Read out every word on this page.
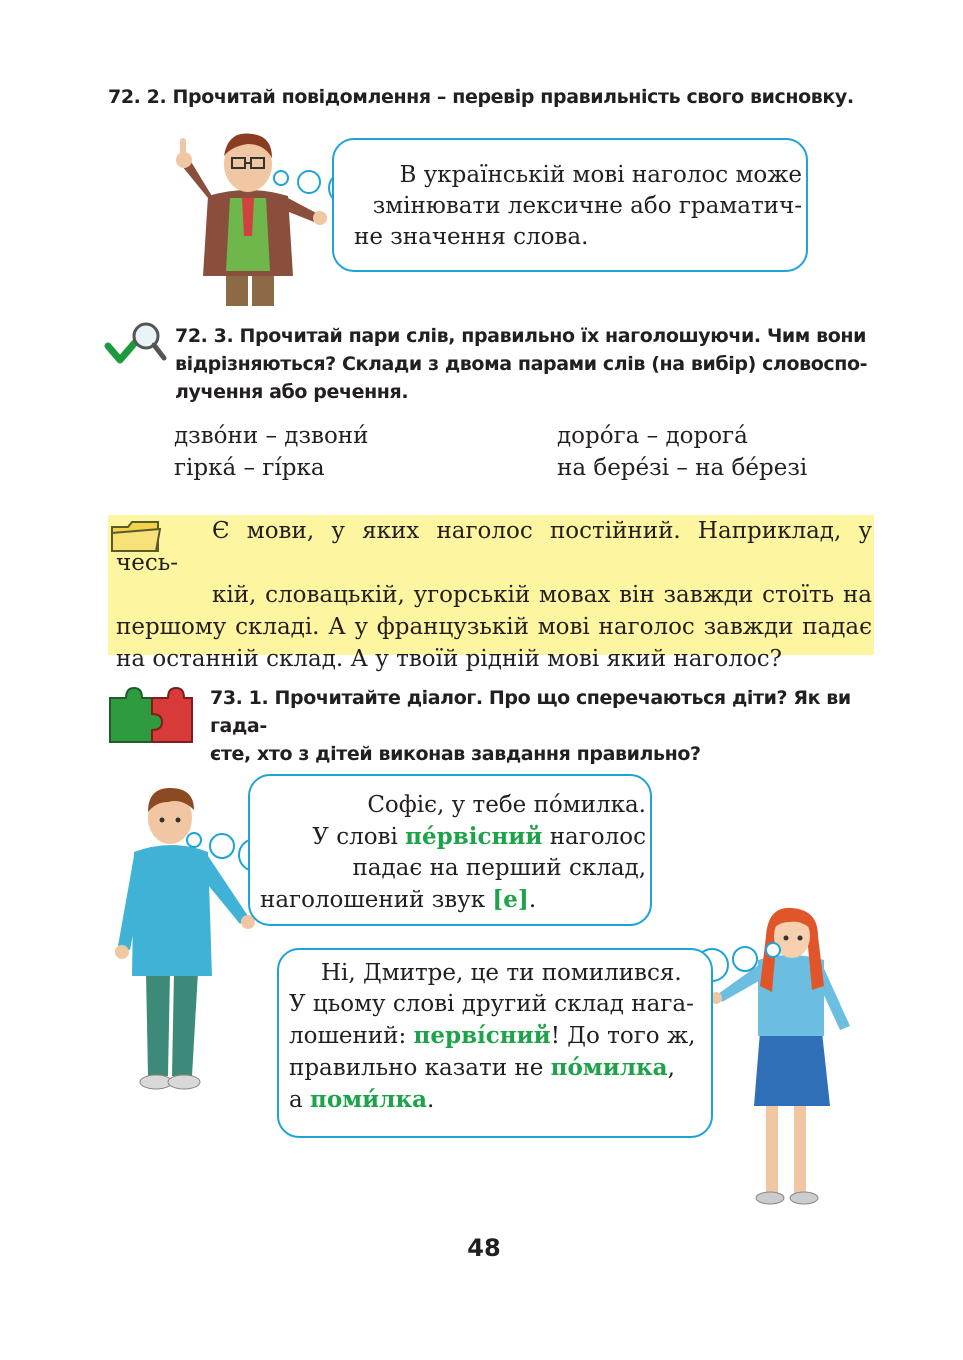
72. 2. Прочитай повідомлення – перевір правильність свого висновку.
В українській мові наголос може
змінювати лексичне або граматич-
не значення слова.
72. 3. Прочитай пари слів, правильно їх наголошуючи. Чим вони
відрізняються? Склади з двома парами слів (на вибір) словоспо-
лучення або речення.
дзво́ни – дзвони́
гірка́ – гі́рка
доро́га – дорога́
на бере́зі – на бе́резі
Є мови, у яких наголос постійний. Наприклад, у чесь-
кій, словацькій, угорській мовах він завжди стоїть на
першому складі. А у французькій мові наголос завжди падає
на останній склад. А у твоїй рідній мові який наголос?
73. 1. Прочитайте діалог. Про що сперечаються діти? Як ви гада-
єте, хто з дітей виконав завдання правильно?
Софіє, у тебе по́милка.
У слові пе́рвісний наголос
падає на перший склад,
наголошений звук [е].
Ні, Дмитре, це ти помилився.
У цьому слові другий склад нага-
лошений: первíсний! До того ж,
правильно казати не по́милка,
а поми́лка.
48
